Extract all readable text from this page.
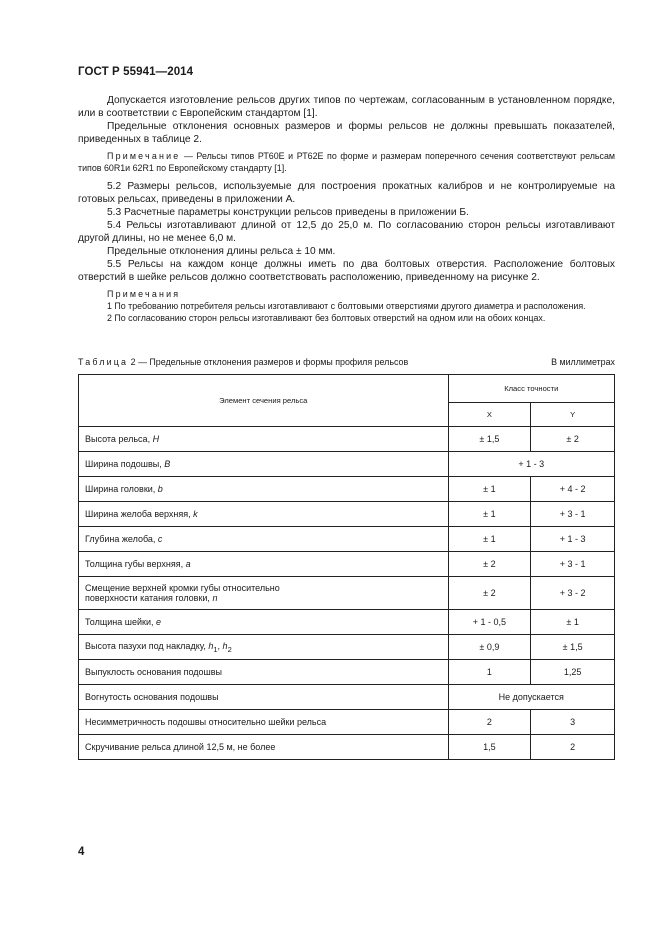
ГОСТ Р 55941—2014

Допускается изготовление рельсов других типов по чертежам, согласованным в установленном порядке, или в соответствии с Европейским стандартом [1].

Предельные отклонения основных размеров и формы рельсов не должны превышать показателей, приведенных в таблице 2.

Примечание — Рельсы типов РТ60Е и РТ62Е по форме и размерам поперечного сечения соответствуют рельсам типов 60R1и 62R1 по Европейскому стандарту [1].

5.2 Размеры рельсов, используемые для построения прокатных калибров и не контролируемые на готовых рельсах, приведены в приложении А.

5.3 Расчетные параметры конструкции рельсов приведены в приложении Б.

5.4 Рельсы изготавливают длиной от 12,5 до 25,0 м. По согласованию сторон рельсы изготавливают другой длины, но не менее 6,0 м.

Предельные отклонения длины рельса ± 10 мм.

5.5 Рельсы на каждом конце должны иметь по два болтовых отверстия. Расположение болтовых отверстий в шейке рельсов должно соответствовать расположению, приведенному на рисунке 2.

Примечания

1 По требованию потребителя рельсы изготавливают с болтовыми отверстиями другого диаметра и расположения.

2 По согласованию сторон рельсы изготавливают без болтовых отверстий на одном или на обоих концах.

Таблица 2 — Предельные отклонения размеров и формы профиля рельсов	В миллиметрах
Элемент сечения рельса	Класс точности	
	X	Y
Высота рельса, H	± 1,5	± 2
Ширина подошвы, B	+ 1 - 3	
Ширина головки, b	± 1	+ 4 - 2
Ширина желоба верхняя, k	± 1	+ 3 - 1
Глубина желоба, c	± 1	+ 1 - 3
Толщина губы верхняя, a	± 2	+ 3 - 1
Смещение верхней кромки губы относительно
поверхности катания головки, n	± 2	+ 3 - 2
Толщина шейки, e	+ 1 - 0,5	± 1
Высота пазухи под накладку, $h_1$, $h_2$	± 0,9	± 1,5
Выпуклость основания подошвы	1	1,25
Вогнутость основания подошвы	Не допускается	
Несимметричность подошвы относительно шейки рельса	2	3
Скручивание рельса длиной 12,5 м, не более	1,5	2
4
